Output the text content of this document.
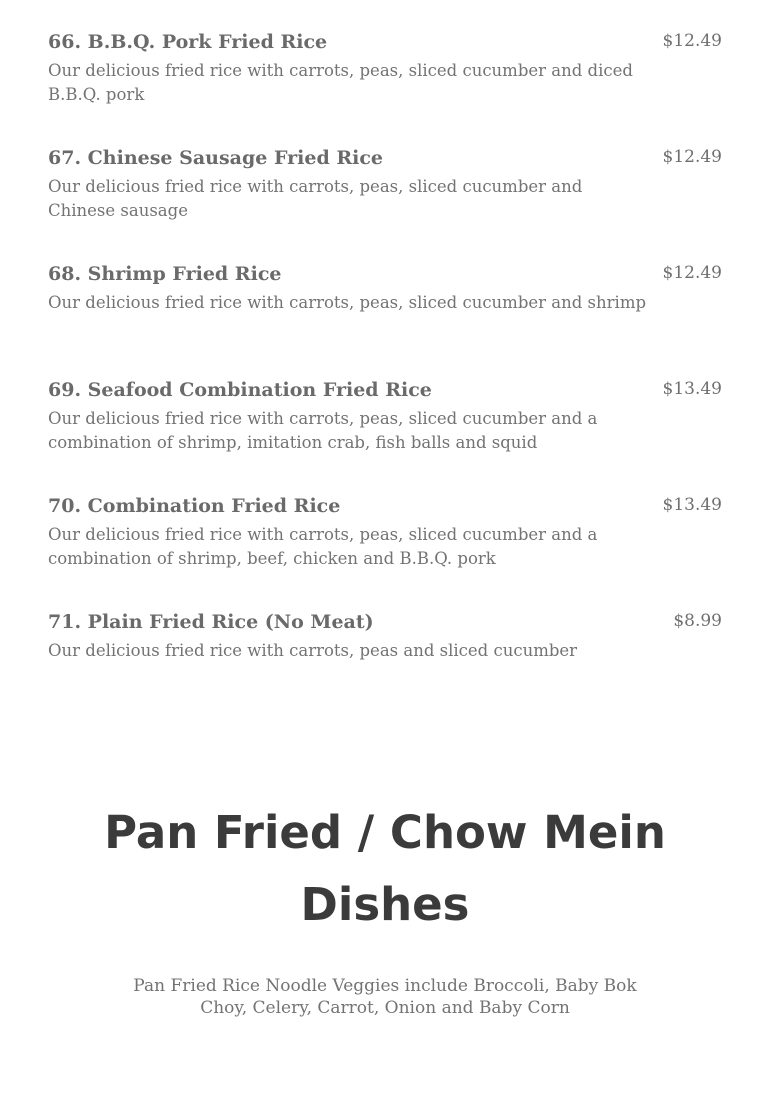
66. B.B.Q. Pork Fried Rice	$12.49
Our delicious fried rice with carrots, peas, sliced cucumber and diced B.B.Q. pork
67. Chinese Sausage Fried Rice	$12.49
Our delicious fried rice with carrots, peas, sliced cucumber and Chinese sausage
68. Shrimp Fried Rice	$12.49
Our delicious fried rice with carrots, peas, sliced cucumber and shrimp
69. Seafood Combination Fried Rice	$13.49
Our delicious fried rice with carrots, peas, sliced cucumber and a combination of shrimp, imitation crab, fish balls and squid
70. Combination Fried Rice	$13.49
Our delicious fried rice with carrots, peas, sliced cucumber and a combination of shrimp, beef, chicken and B.B.Q. pork
71. Plain Fried Rice (No Meat)	$8.99
Our delicious fried rice with carrots, peas and sliced cucumber
Pan Fried / Chow Mein
Dishes
Pan Fried Rice Noodle Veggies include Broccoli, Baby Bok Choy, Celery, Carrot, Onion and Baby Corn
